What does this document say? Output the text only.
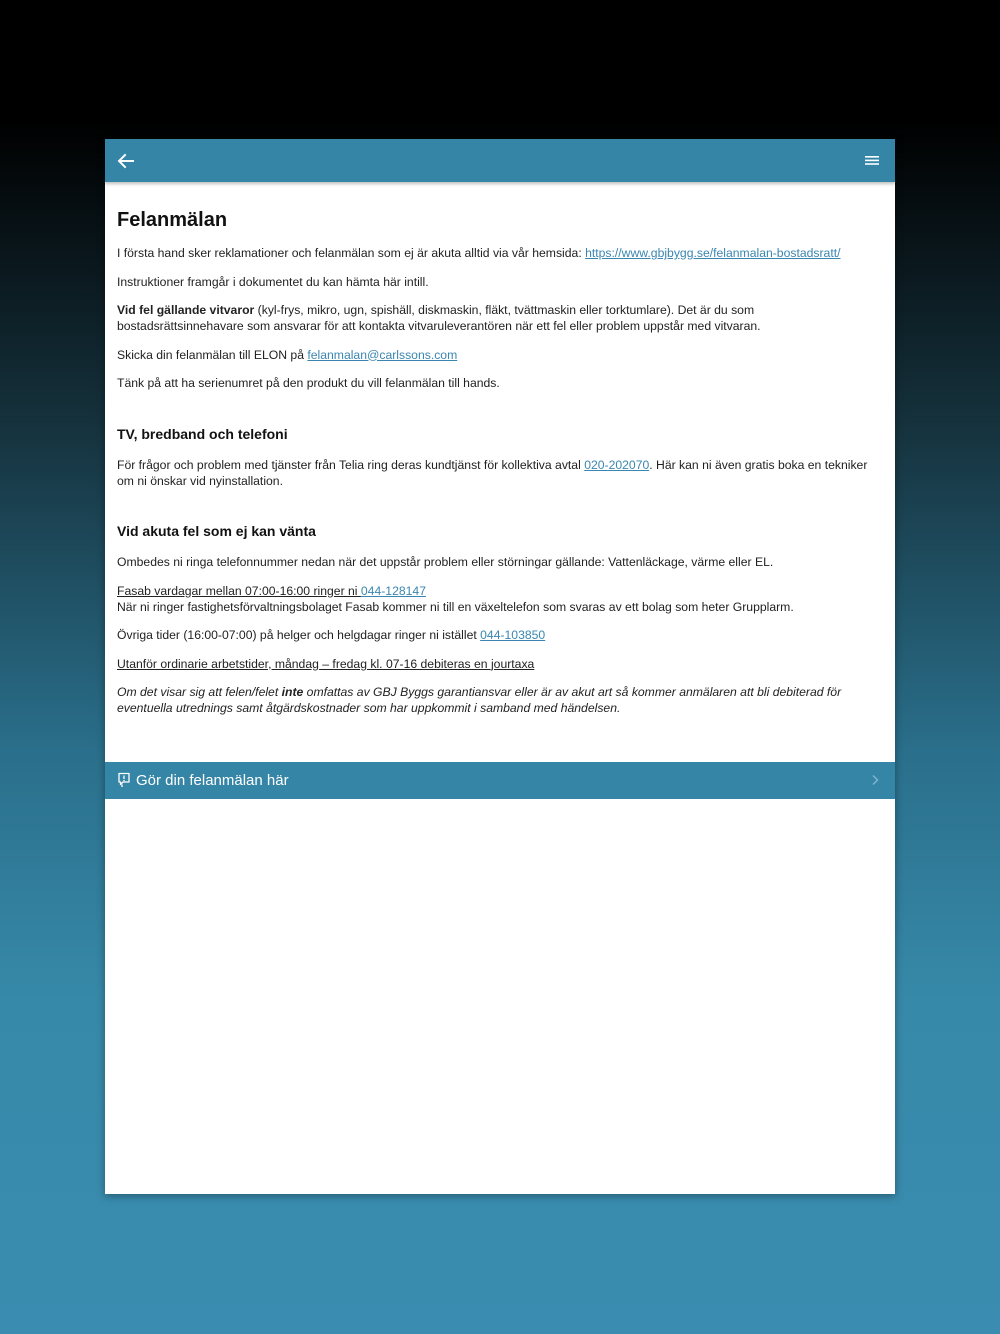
Felanmälan

I första hand sker reklamationer och felanmälan som ej är akuta alltid via vår hemsida: https://www.gbjbygg.se/felanmalan-bostadsratt/

Instruktioner framgår i dokumentet du kan hämta här intill.

Vid fel gällande vitvaror (kyl-frys, mikro, ugn, spishäll, diskmaskin, fläkt, tvättmaskin eller torktumlare). Det är du som bostadsrättsinnehavare som ansvarar för att kontakta vitvaruleverantören när ett fel eller problem uppstår med vitvaran.

Skicka din felanmälan till ELON på felanmalan@carlssons.com

Tänk på att ha serienumret på den produkt du vill felanmälan till hands.

TV, bredband och telefoni

För frågor och problem med tjänster från Telia ring deras kundtjänst för kollektiva avtal 020-202070. Här kan ni även gratis boka en tekniker om ni önskar vid nyinstallation.

Vid akuta fel som ej kan vänta

Ombedes ni ringa telefonnummer nedan när det uppstår problem eller störningar gällande: Vattenläckage, värme eller EL.

Fasab vardagar mellan 07:00-16:00 ringer ni 044-128147
När ni ringer fastighetsförvaltningsbolaget Fasab kommer ni till en växeltelefon som svaras av ett bolag som heter Grupplarm.

Övriga tider (16:00-07:00) på helger och helgdagar ringer ni istället 044-103850

Utanför ordinarie arbetstider, måndag – fredag kl. 07-16 debiteras en jourtaxa

Om det visar sig att felen/felet inte omfattas av GBJ Byggs garantiansvar eller är av akut art så kommer anmälaren att bli debiterad för eventuella utrednings samt åtgärdskostnader som har uppkommit i samband med händelsen.

Gör din felanmälan här
